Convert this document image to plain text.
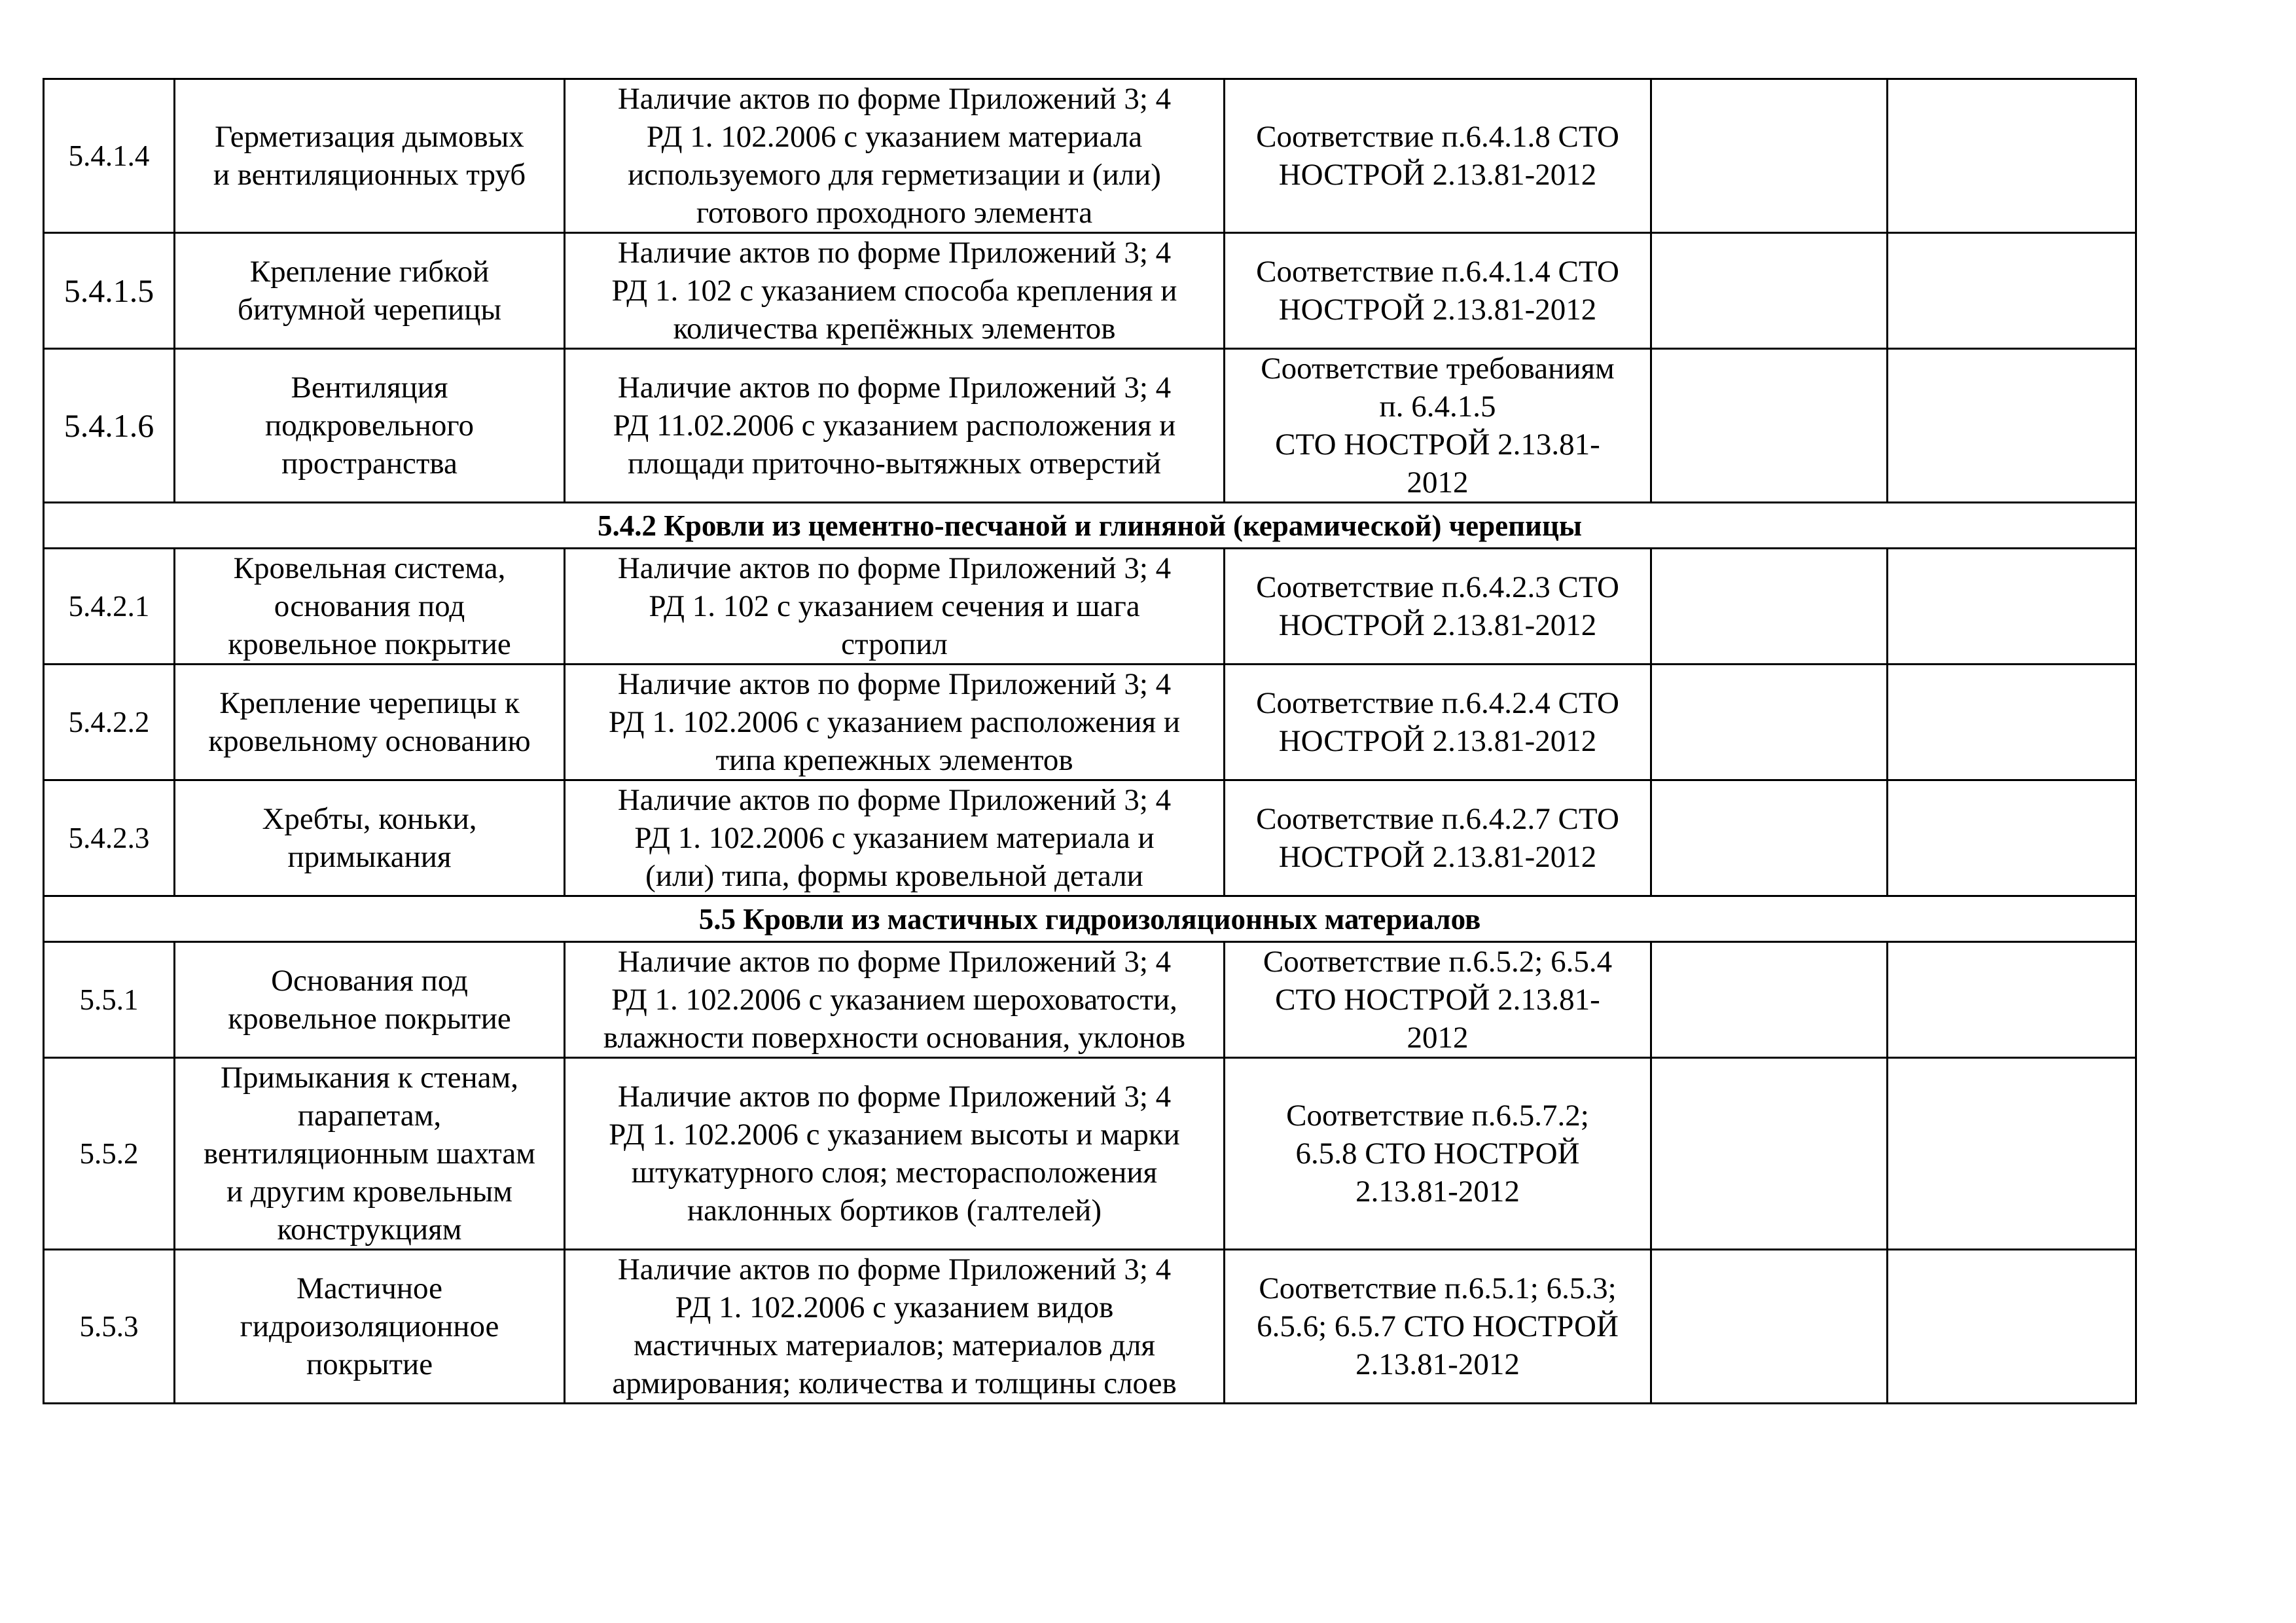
5.4.1.4	Герметизация дымовых
и вентиляционных труб	Наличие актов по форме Приложений 3; 4
РД 1. 102.2006 с указанием материала
используемого для герметизации и (или)
готового проходного элемента	Соответствие п.6.4.1.8 СТО
НОСТРОЙ 2.13.81-2012		

5.4.1.5	Крепление гибкой
битумной черепицы	Наличие актов по форме Приложений 3; 4
РД 1. 102 с указанием способа крепления и
количества крепёжных элементов	Соответствие п.6.4.1.4 СТО
НОСТРОЙ 2.13.81-2012		

5.4.1.6	Вентиляция
подкровельного
пространства	Наличие актов по форме Приложений 3; 4
РД 11.02.2006 с указанием расположения и
площади приточно-вытяжных отверстий	Соответствие требованиям
п. 6.4.1.5
СТО НОСТРОЙ 2.13.81-
2012		

5.4.2 Кровли из цементно-песчаной и глиняной (керамической) черепицы					
5.4.2.1	Кровельная система,
основания под
кровельное покрытие	Наличие актов по форме Приложений 3; 4
РД 1. 102 с указанием сечения и шага
стропил	Соответствие п.6.4.2.3 СТО
НОСТРОЙ 2.13.81-2012		

5.4.2.2	Крепление черепицы к
кровельному основанию	Наличие актов по форме Приложений 3; 4
РД 1. 102.2006 с указанием расположения и
типа крепежных элементов	Соответствие п.6.4.2.4 СТО
НОСТРОЙ 2.13.81-2012		

5.4.2.3	Хребты, коньки,
примыкания	Наличие актов по форме Приложений 3; 4
РД 1. 102.2006 с указанием материала и
(или) типа, формы кровельной детали	Соответствие п.6.4.2.7 СТО
НОСТРОЙ 2.13.81-2012		

5.5 Кровли из мастичных гидроизоляционных материалов					
5.5.1	Основания под
кровельное покрытие	Наличие актов по форме Приложений 3; 4
РД 1. 102.2006 с указанием шероховатости,
влажности поверхности основания, уклонов	Соответствие п.6.5.2; 6.5.4
СТО НОСТРОЙ 2.13.81-
2012		

5.5.2	Примыкания к стенам,
парапетам,
вентиляционным шахтам
и другим кровельным
конструкциям	Наличие актов по форме Приложений 3; 4
РД 1. 102.2006 с указанием высоты и марки
штукатурного слоя; месторасположения
наклонных бортиков (галтелей)	Соответствие п.6.5.7.2;
6.5.8 СТО НОСТРОЙ
2.13.81-2012		

5.5.3	Мастичное
гидроизоляционное
покрытие	Наличие актов по форме Приложений 3; 4
РД 1. 102.2006 с указанием видов
мастичных материалов; материалов для
армирования; количества и толщины слоев	Соответствие п.6.5.1; 6.5.3;
6.5.6; 6.5.7 СТО НОСТРОЙ
2.13.81-2012		
